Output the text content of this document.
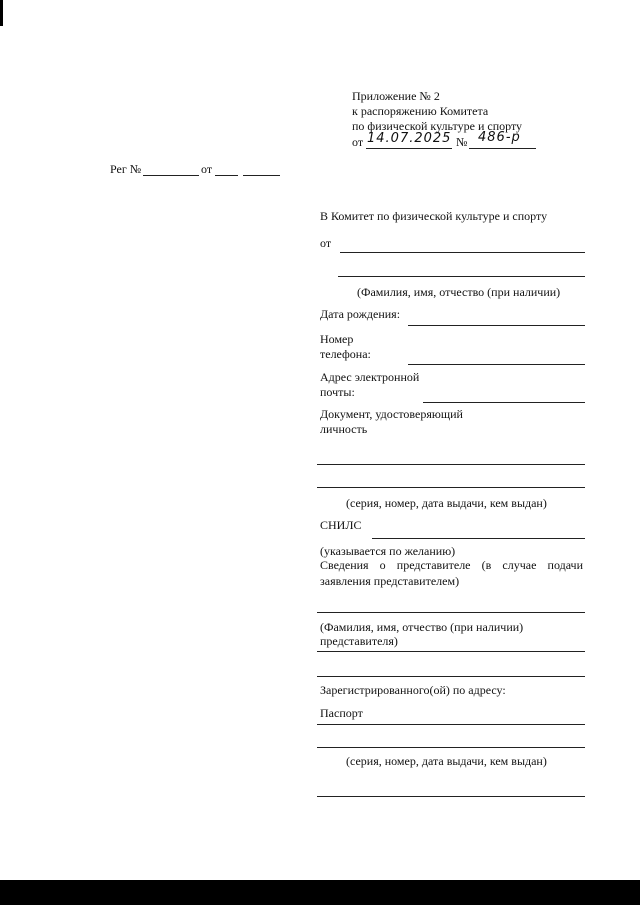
Приложение № 2
к распоряжению Комитета
по физической культуре и спорту
от 14.07.2025 № 486-р
Рег №	от
В Комитет по физической культуре и спорту
от
(Фамилия, имя, отчество (при наличии)
Дата рождения:
Номер
телефона:
Адрес электронной
почты:
Документ, удостоверяющий
личность
(серия, номер, дата выдачи, кем выдан)
СНИЛС
(указывается по желанию)
Сведения о представителе (в случае подачи заявления представителем)
(Фамилия, имя, отчество (при наличии)
представителя)
Зарегистрированного(ой) по адресу:
Паспорт
(серия, номер, дата выдачи, кем выдан)
